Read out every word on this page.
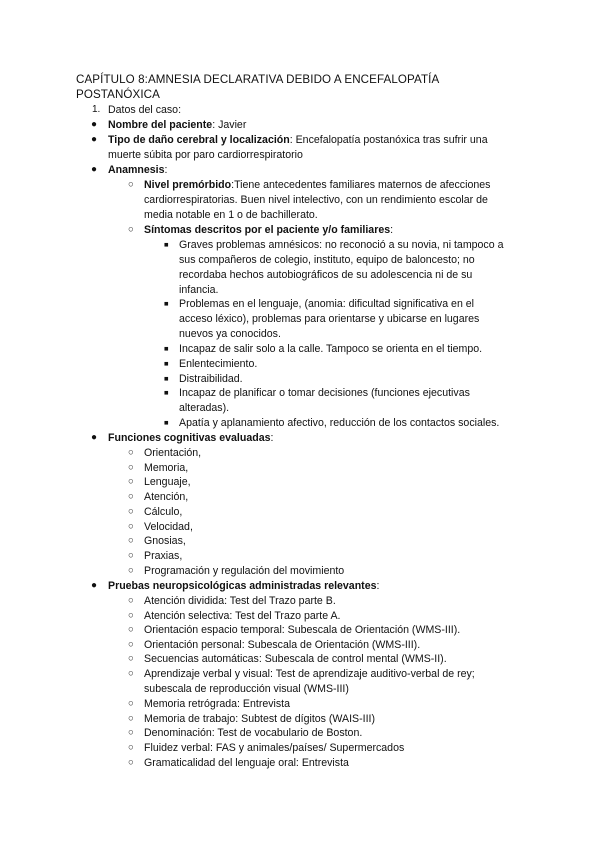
CAPÍTULO 8:AMNESIA DECLARATIVA DEBIDO A ENCEFALOPATÍA
POSTANÓXICA
1. Datos del caso:
● Nombre del paciente: Javier
● Tipo de daño cerebral y localización: Encefalopatía postanóxica tras sufrir una
muerte súbita por paro cardiorrespiratorio
● Anamnesis:
○ Nivel premórbido:Tiene antecedentes familiares maternos de afecciones
cardiorrespiratorias. Buen nivel intelectivo, con un rendimiento escolar de
media notable en 1 o de bachillerato.
○ Síntomas descritos por el paciente y/o familiares:
■ Graves problemas amnésicos: no reconoció a su novia, ni tampoco a
sus compañeros de colegio, instituto, equipo de baloncesto; no
recordaba hechos autobiográficos de su adolescencia ni de su
infancia.
■ Problemas en el lenguaje, (anomia: dificultad significativa en el
acceso léxico), problemas para orientarse y ubicarse en lugares
nuevos ya conocidos.
■ Incapaz de salir solo a la calle. Tampoco se orienta en el tiempo.
■ Enlentecimiento.
■ Distraibilidad.
■ Incapaz de planificar o tomar decisiones (funciones ejecutivas
alteradas).
■ Apatía y aplanamiento afectivo, reducción de los contactos sociales.
● Funciones cognitivas evaluadas:
○ Orientación,
○ Memoria,
○ Lenguaje,
○ Atención,
○ Cálculo,
○ Velocidad,
○ Gnosias,
○ Praxias,
○ Programación y regulación del movimiento
● Pruebas neuropsicológicas administradas relevantes:
○ Atención dividida: Test del Trazo parte B.
○ Atención selectiva: Test del Trazo parte A.
○ Orientación espacio temporal: Subescala de Orientación (WMS-III).
○ Orientación personal: Subescala de Orientación (WMS-III).
○ Secuencias automáticas: Subescala de control mental (WMS-II).
○ Aprendizaje verbal y visual: Test de aprendizaje auditivo-verbal de rey;
subescala de reproducción visual (WMS-III)
○ Memoria retrógrada: Entrevista
○ Memoria de trabajo: Subtest de dígitos (WAIS-III)
○ Denominación: Test de vocabulario de Boston.
○ Fluidez verbal: FAS y animales/países/ Supermercados
○ Gramaticalidad del lenguaje oral: Entrevista
